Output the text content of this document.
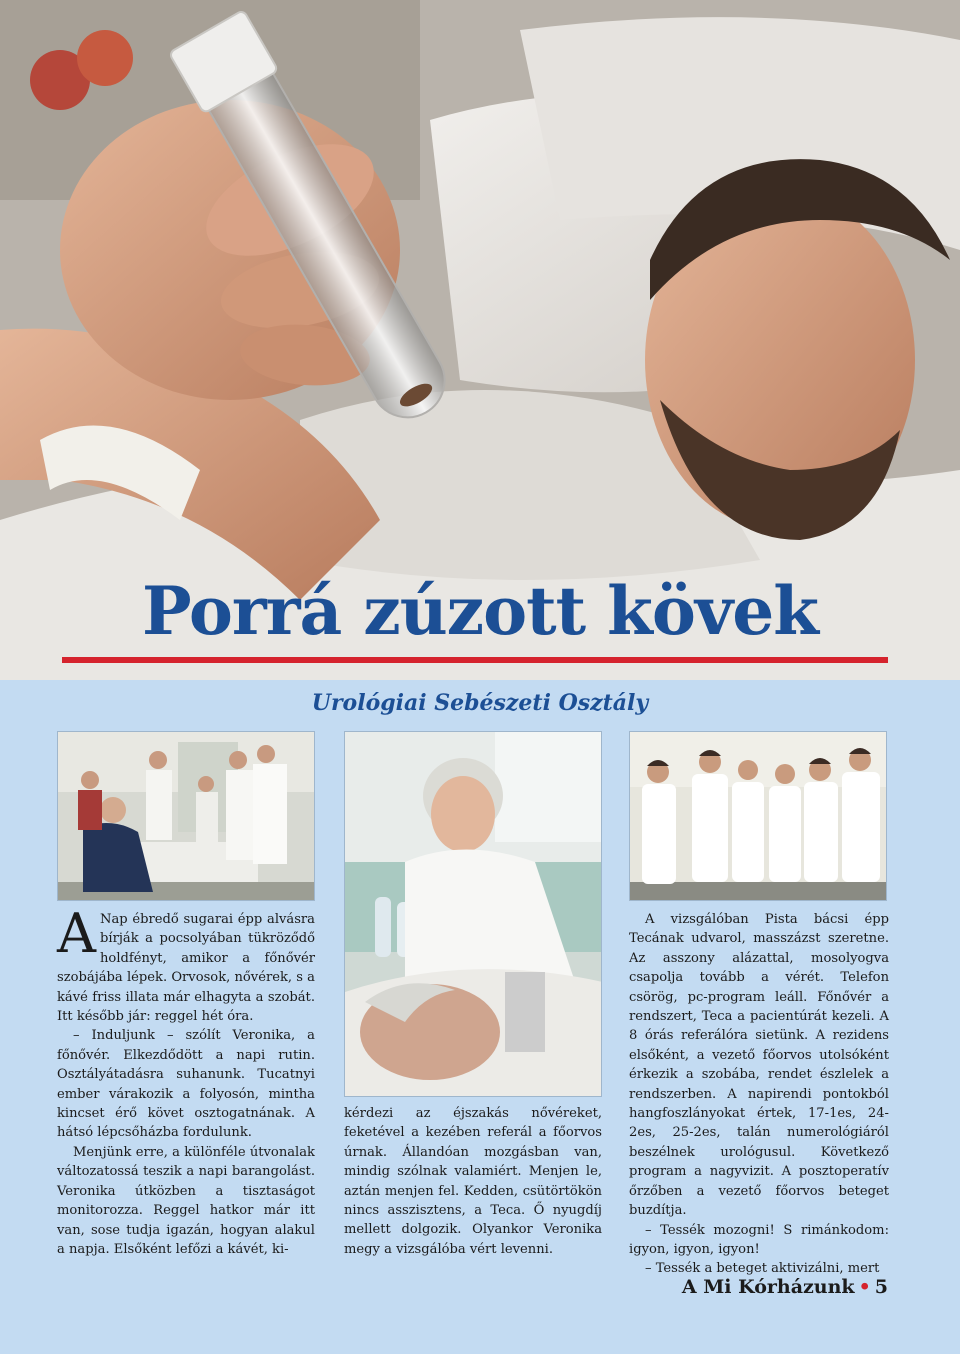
Porrá zúzott kövek
Urológiai Sebészeti Osztály

A Nap ébredő sugarai épp alvásra bírják a pocsolyában tükröződő holdfényt, amikor a főnővér szobájába lépek. Orvosok, nővérek, s a kávé friss illata már elhagyta a szobát. Itt később jár: reggel hét óra.

– Induljunk – szólít Veronika, a főnővér. Elkezdődött a napi rutin. Osztályátadásra suhanunk. Tucatnyi ember várakozik a folyosón, mintha kincset érő követ osztogatnának. A hátsó lépcsőházba fordulunk.

Menjünk erre, a különféle útvonalak változatossá teszik a napi barangolást. Veronika útközben a tisztaságot monitorozza. Reggel hatkor már itt van, sose tudja igazán, hogyan alakul a napja. Elsőként lefőzi a kávét, ki-

kérdezi az éjszakás nővéreket, feketével a kezében referál a főorvos úrnak. Állandóan mozgásban van, mindig szólnak valamiért. Menjen le, aztán menjen fel. Kedden, csütörtökön nincs asszisztens, a Teca. Ő nyugdíj mellett dolgozik. Olyankor Veronika megy a vizsgálóba vért levenni.

A vizsgálóban Pista bácsi épp Tecának udvarol, masszázst szeretne. Az asszony alázattal, mosolyogva csapolja tovább a vérét. Telefon csörög, pc-program leáll. Főnővér a rendszert, Teca a pacientúrát kezeli. A 8 órás referálóra sietünk. A rezidens elsőként, a vezető főorvos utolsóként érkezik a szobába, rendet észlelek a rendszerben. A napirendi pontokból hangfoszlányokat értek, 17-1es, 24-2es, 25-2es, talán numerológiáról beszélnek urológusul. Következő program a nagyvizit. A posztoperatív őrzőben a vezető főorvos beteget buzdítja.

– Tessék mozogni! S rimánkodom: igyon, igyon, igyon!

– Tessék a beteget aktivizálni, mert

A Mi Kórházunk • 5
